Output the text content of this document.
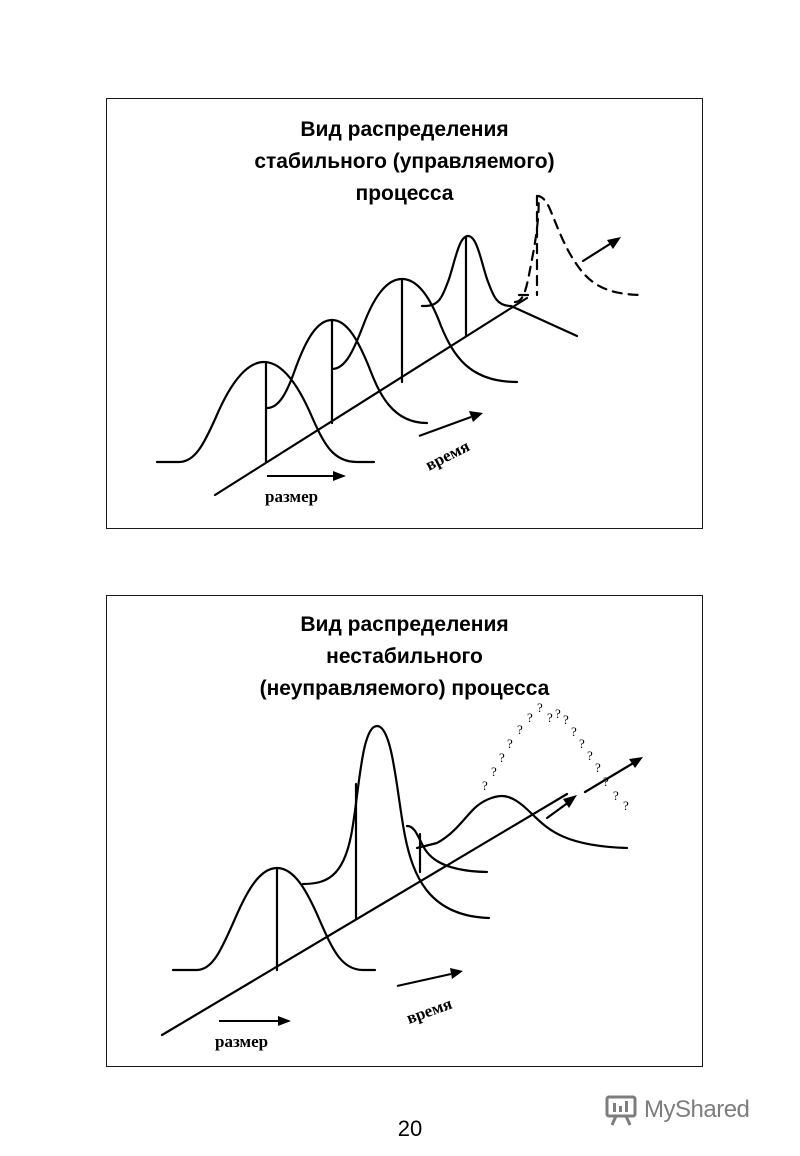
Вид распределения
стабильного (управляемого)
процесса
размер
время
Вид распределения
нестабильного
(неуправляемого) процесса
?
?
?
?
?
?
?
? ? ?
?
?
?
?
?
?
?
размер
время
20
MyShared
